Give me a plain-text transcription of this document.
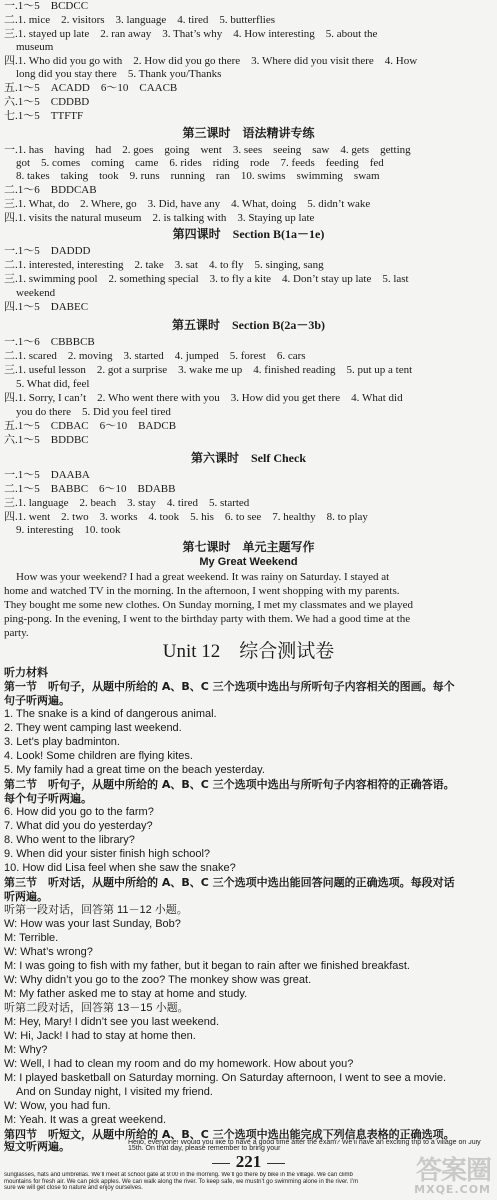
一.1～5　BCDCC
二.1. mice　2. visitors　3. language　4. tired　5. butterflies
三.1. stayed up late　2. ran away　3. That’s why　4. How interesting　5. about the
museum
四.1. Who did you go with　2. How did you go there　3. Where did you visit there　4. How
long did you stay there　5. Thank you/Thanks
五.1～5　ACADD　6～10　CAACB
六.1～5　CDDBD
七.1～5　TTFTF
第三课时　语法精讲专练
一.1. has　having　had　2. goes　going　went　3. sees　seeing　saw　4. gets　getting
got　5. comes　coming　came　6. rides　riding　rode　7. feeds　feeding　fed
8. takes　taking　took　9. runs　running　ran　10. swims　swimming　swam
二.1～6　BDDCAB
三.1. What, do　2. Where, go　3. Did, have any　4. What, doing　5. didn’t wake
四.1. visits the natural museum　2. is talking with　3. Staying up late
第四课时　Section B(1a－1e)
一.1～5　DADDD
二.1. interested, interesting　2. take　3. sat　4. to fly　5. singing, sang
三.1. swimming pool　2. something special　3. to fly a kite　4. Don’t stay up late　5. last
weekend
四.1～5　DABEC
第五课时　Section B(2a－3b)
一.1～6　CBBBCB
二.1. scared　2. moving　3. started　4. jumped　5. forest　6. cars
三.1. useful lesson　2. got a surprise　3. wake me up　4. finished reading　5. put up a tent
5. What did, feel
四.1. Sorry, I can’t　2. Who went there with you　3. How did you get there　4. What did
you do there　5. Did you feel tired
五.1～5　CDBAC　6～10　BADCB
六.1～5　BDDBC
第六课时　Self Check
一.1～5　DAABA
二.1～5　BABBC　6～10　BDABB
三.1. language　2. beach　3. stay　4. tired　5. started
四.1. went　2. two　3. works　4. took　5. his　6. to see　7. healthy　8. to play
9. interesting　10. took
第七课时　单元主题写作
My Great Weekend
How was your weekend? I had a great weekend. It was rainy on Saturday. I stayed at
home and watched TV in the morning. In the afternoon, I went shopping with my parents.
They bought me some new clothes. On Sunday morning, I met my classmates and we played
ping-pong. In the evening, I went to the birthday party with them. We had a good time at the
party.
Unit 12　综合测试卷
听力材料
第一节　听句子，从题中所给的 A、B、C 三个选项中选出与所听句子内容相关的图画。每个
句子听两遍。
1. The snake is a kind of dangerous animal.
2. They went camping last weekend.
3. Let’s play badminton.
4. Look! Some children are flying kites.
5. My family had a great time on the beach yesterday.
第二节　听句子，从题中所给的 A、B、C 三个选项中选出与所听句子内容相符的正确答语。
每个句子听两遍。
6. How did you go to the farm?
7. What did you do yesterday?
8. Who went to the library?
9. When did your sister finish high school?
10. How did Lisa feel when she saw the snake?
第三节　听对话，从题中所给的 A、B、C 三个选项中选出能回答问题的正确选项。每段对话
听两遍。
听第一段对话，回答第 11－12 小题。
W: How was your last Sunday, Bob?
M: Terrible.
W: What’s wrong?
M: I was going to fish with my father, but it began to rain after we finished breakfast.
W: Why didn’t you go to the zoo? The monkey show was great.
M: My father asked me to stay at home and study.
听第二段对话，回答第 13－15 小题。
M: Hey, Mary! I didn’t see you last weekend.
W: Hi, Jack! I had to stay at home then.
M: Why?
W: Well, I had to clean my room and do my homework. How about you?
M: I played basketball on Saturday morning. On Saturday afternoon, I went to see a movie.
And on Sunday night, I visited my friend.
W: Wow, you had fun.
M: Yeah. It was a great weekend.
第四节　听短文，从题中所给的 A、B、C 三个选项中选出能完成下列信息表格的正确选项。
短文听两遍。
221	答案圈
MXQE.COM
Hello, everyone! Would you like to have a good time after the exam? We’ll have an exciting trip to a village on July 15th. On that day, please remember to bring your
sunglasses, hats and umbrellas. We’ll meet at school gate at 9:00 in the morning. We’ll go there by bike in the village. We can climb mountains for fresh air. We can pick apples. We can walk along the river. To keep safe, we mustn’t go swimming alone in the river. I’m sure we will get close to nature and enjoy ourselves.
